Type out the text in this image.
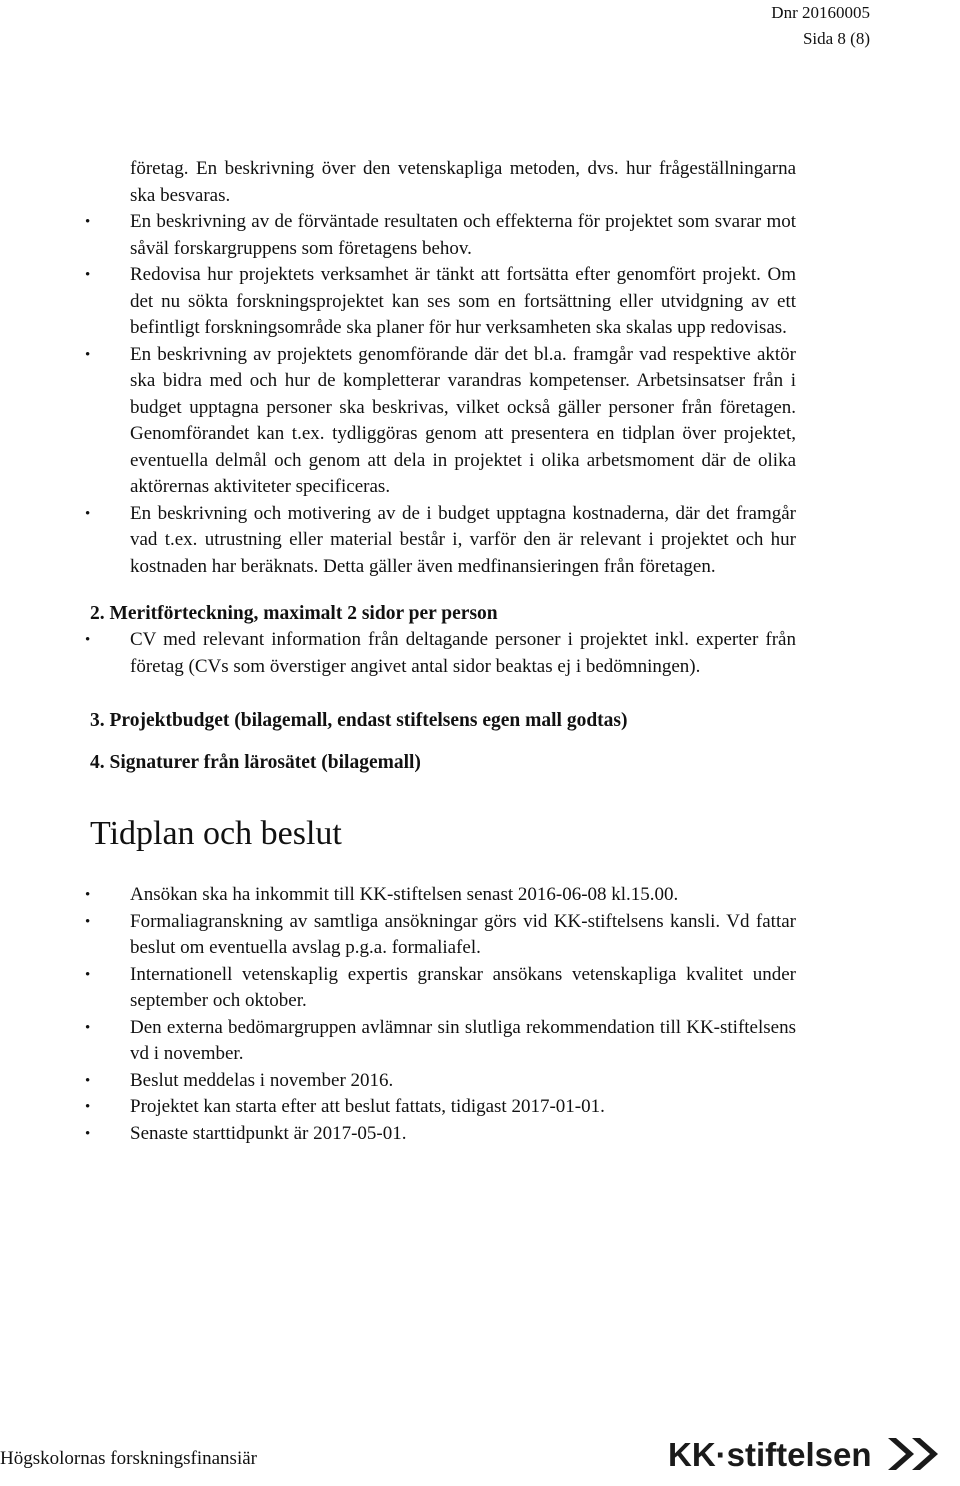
Dnr 20160005
Sida 8 (8)
företag. En beskrivning över den vetenskapliga metoden, dvs. hur frågeställningarna ska besvaras.
• En beskrivning av de förväntade resultaten och effekterna för projektet som svarar mot såväl forskargruppens som företagens behov.
• Redovisa hur projektets verksamhet är tänkt att fortsätta efter genomfört projekt. Om det nu sökta forskningsprojektet kan ses som en fortsättning eller utvidgning av ett befintligt forskningsområde ska planer för hur verksamheten ska skalas upp redovisas.
• En beskrivning av projektets genomförande där det bl.a. framgår vad respektive aktör ska bidra med och hur de kompletterar varandras kompetenser. Arbetsinsatser från i budget upptagna personer ska beskrivas, vilket också gäller personer från företagen. Genomförandet kan t.ex. tydliggöras genom att presentera en tidplan över projektet, eventuella delmål och genom att dela in projektet i olika arbetsmoment där de olika aktörernas aktiviteter specificeras.
• En beskrivning och motivering av de i budget upptagna kostnaderna, där det framgår vad t.ex. utrustning eller material består i, varför den är relevant i projektet och hur kostnaden har beräknats. Detta gäller även medfinansieringen från företagen.
2. Meritförteckning, maximalt 2 sidor per person
• CV med relevant information från deltagande personer i projektet inkl. experter från företag (CVs som överstiger angivet antal sidor beaktas ej i bedömningen).
3. Projektbudget (bilagemall, endast stiftelsens egen mall godtas)
4. Signaturer från lärosätet (bilagemall)
Tidplan och beslut
• Ansökan ska ha inkommit till KK-stiftelsen senast 2016-06-08 kl.15.00.
• Formaliagranskning av samtliga ansökningar görs vid KK-stiftelsens kansli. Vd fattar beslut om eventuella avslag p.g.a. formaliafel.
• Internationell vetenskaplig expertis granskar ansökans vetenskapliga kvalitet under september och oktober.
• Den externa bedömargruppen avlämnar sin slutliga rekommendation till KK-stiftelsens vd i november.
• Beslut meddelas i november 2016.
• Projektet kan starta efter att beslut fattats, tidigast 2017-01-01.
• Senaste starttidpunkt är 2017-05-01.
Högskolornas forskningsfinansiär	KK·stiftelsen
